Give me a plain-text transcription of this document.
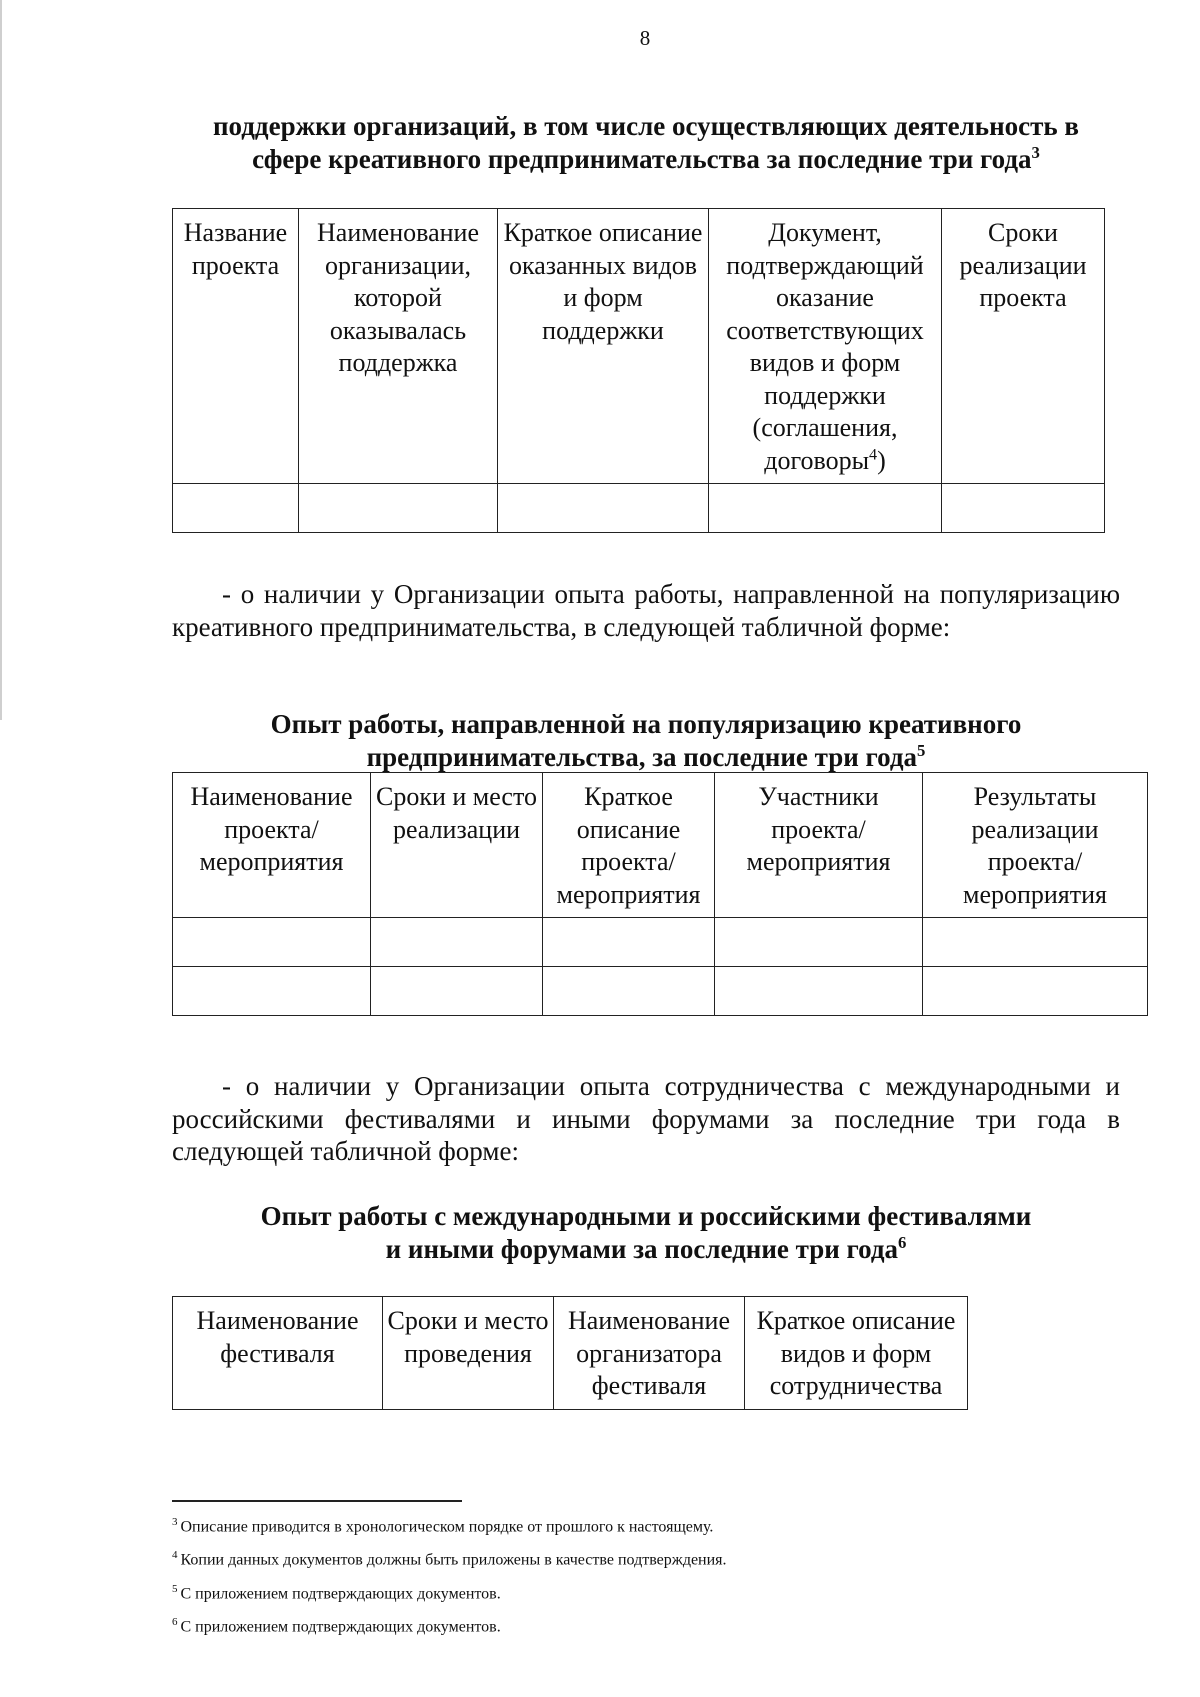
8
поддержки организаций, в том числе осуществляющих деятельность в
сфере креативного предпринимательства за последние три года$^3$
Название проекта	Наименование организации, которой оказывалась поддержка	Краткое описание оказанных видов и форм поддержки	Документ, подтверждающий оказание соответствующих видов и форм поддержки (соглашения, договоры$^4$)	Сроки реализации проекта

- о наличии у Организации опыта работы, направленной на популяризацию креативного предпринимательства, в следующей табличной форме:
Опыт работы, направленной на популяризацию креативного
предпринимательства, за последние три года$^5$
Наименование проекта/ мероприятия	Сроки и место реализации	Краткое описание проекта/ мероприятия	Участники проекта/ мероприятия	Результаты реализации проекта/ мероприятия

- о наличии у Организации опыта сотрудничества с международными и российскими фестивалями и иными форумами за последние три года в следующей табличной форме:
Опыт работы с международными и российскими фестивалями
и иными форумами за последние три года$^6$
Наименование фестиваля	Сроки и место проведения	Наименование организатора фестиваля	Краткое описание видов и форм сотрудничества

$^3$ Описание приводится в хронологическом порядке от прошлого к настоящему.

$^4$ Копии данных документов должны быть приложены в качестве подтверждения.

$^5$ С приложением подтверждающих документов.

$^6$ С приложением подтверждающих документов.
